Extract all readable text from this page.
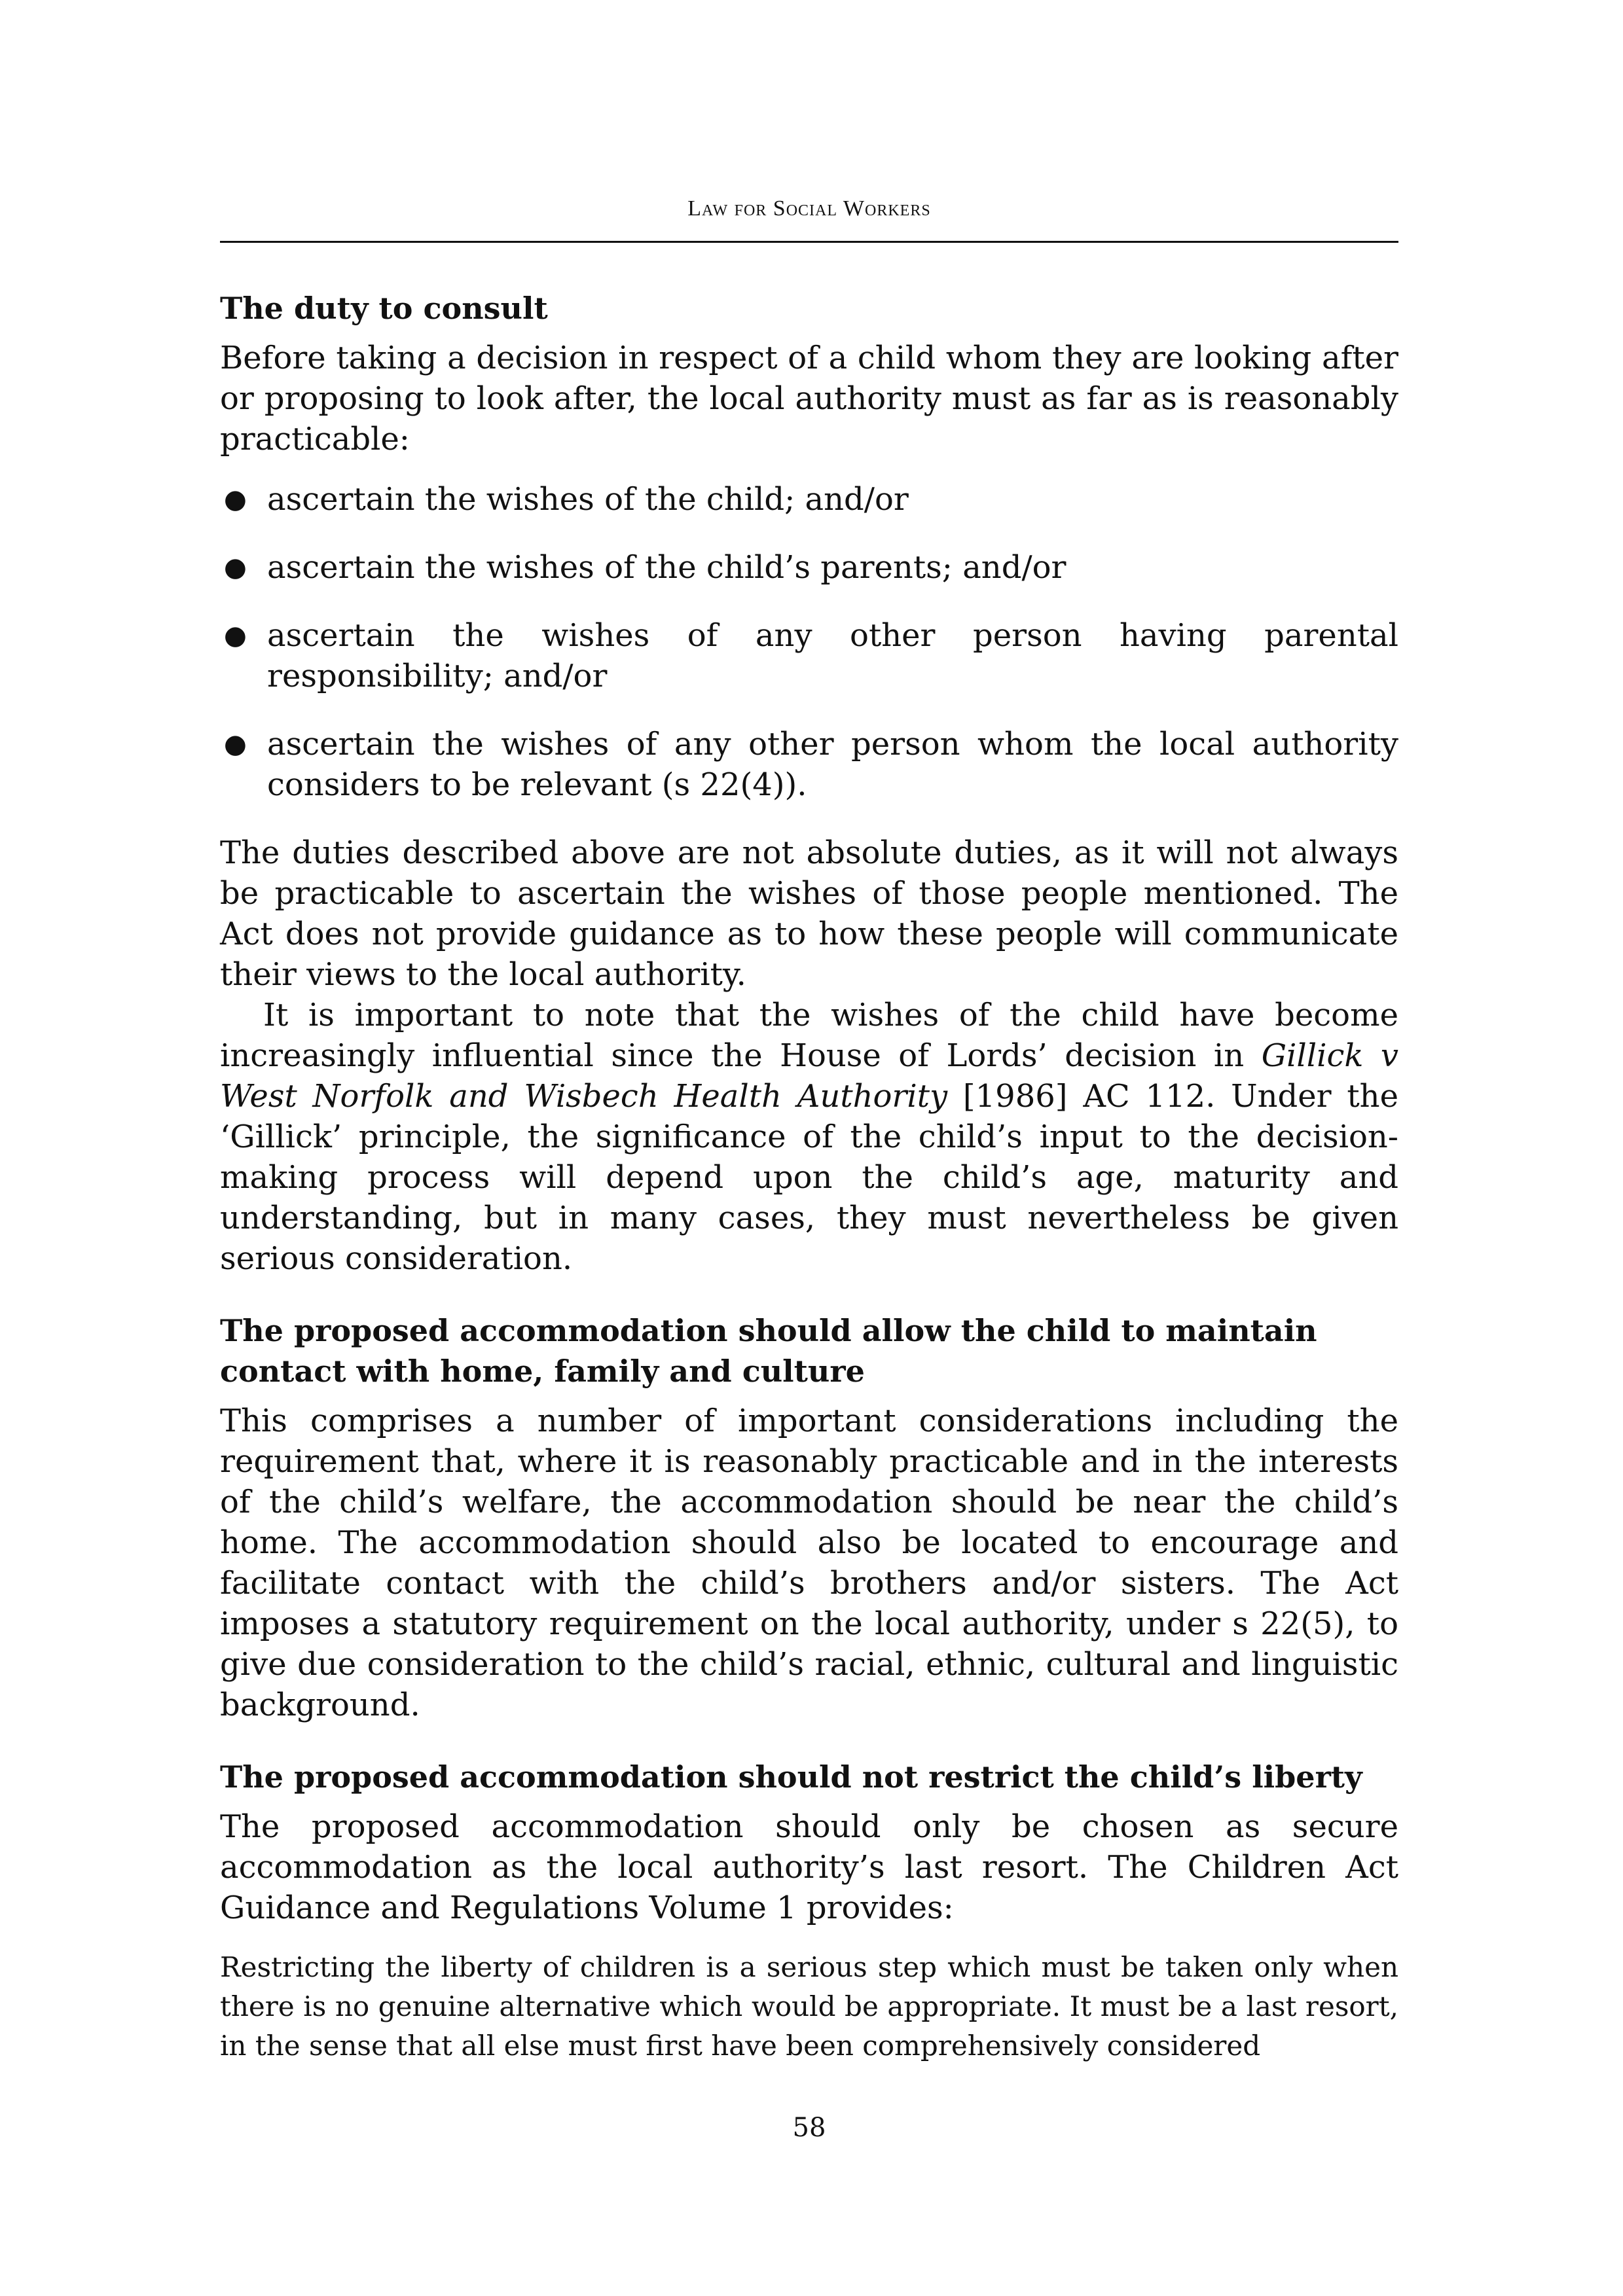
Law for Social Workers
The duty to consult

Before taking a decision in respect of a child whom they are looking after or proposing to look after, the local authority must as far as is reasonably practicable:

● ascertain the wishes of the child; and/or
● ascertain the wishes of the child’s parents; and/or
● ascertain the wishes of any other person having parental responsibility; and/or
● ascertain the wishes of any other person whom the local authority considers to be relevant (s 22(4)).

The duties described above are not absolute duties, as it will not always be practicable to ascertain the wishes of those people mentioned. The Act does not provide guidance as to how these people will communicate their views to the local authority.

It is important to note that the wishes of the child have become increasingly influential since the House of Lords’ decision in Gillick v West Norfolk and Wisbech Health Authority [1986] AC 112. Under the ‘Gillick’ principle, the significance of the child’s input to the decision-making process will depend upon the child’s age, maturity and understanding, but in many cases, they must nevertheless be given serious consideration.

The proposed accommodation should allow the child to maintain contact with home, family and culture

This comprises a number of important considerations including the requirement that, where it is reasonably practicable and in the interests of the child’s welfare, the accommodation should be near the child’s home. The accommodation should also be located to encourage and facilitate contact with the child’s brothers and/or sisters. The Act imposes a statutory requirement on the local authority, under s 22(5), to give due consideration to the child’s racial, ethnic, cultural and linguistic background.

The proposed accommodation should not restrict the child’s liberty

The proposed accommodation should only be chosen as secure accommodation as the local authority’s last resort. The Children Act Guidance and Regulations Volume 1 provides:

Restricting the liberty of children is a serious step which must be taken only when there is no genuine alternative which would be appropriate. It must be a last resort, in the sense that all else must first have been comprehensively considered

58
